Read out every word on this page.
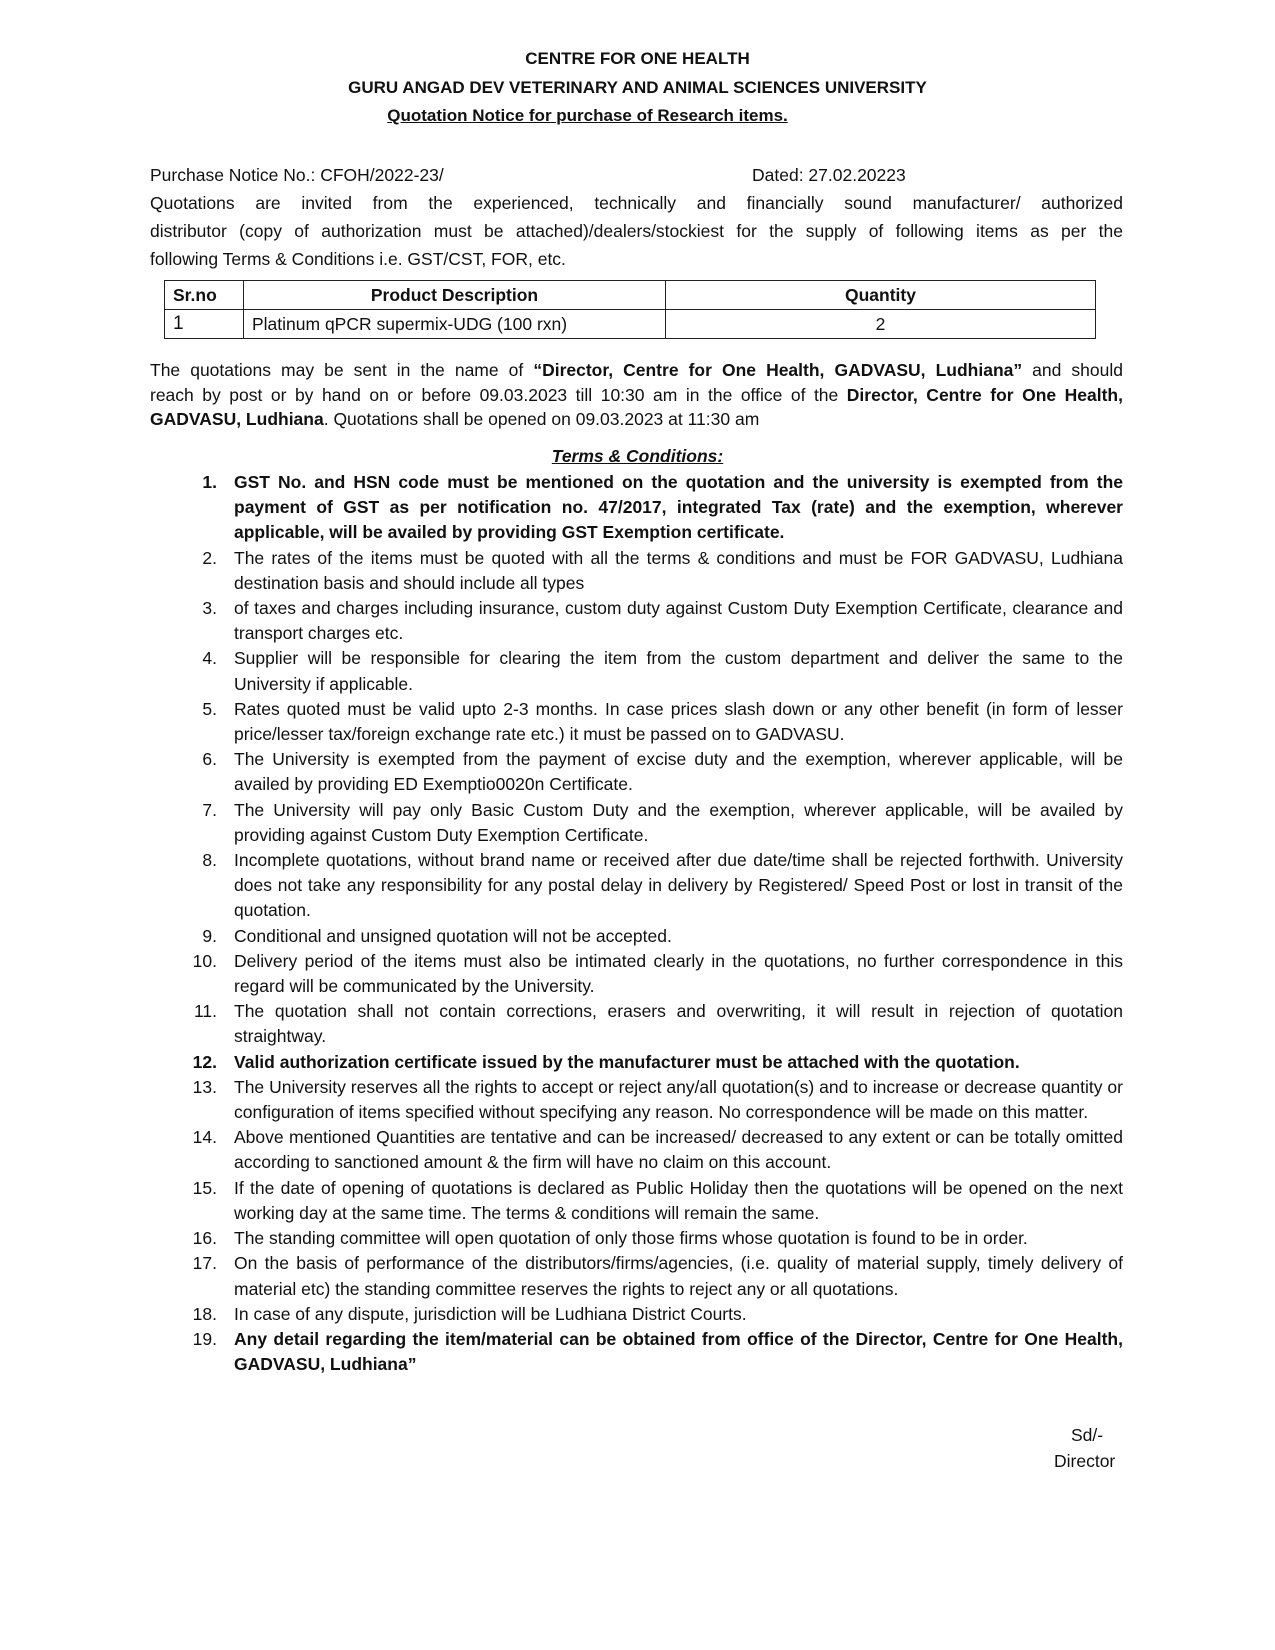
CENTRE FOR ONE HEALTH
GURU ANGAD DEV VETERINARY AND ANIMAL SCIENCES UNIVERSITY
Quotation Notice for purchase of Research items.
Purchase Notice No.: CFOH/2022-23/	Dated: 27.02.20223
Quotations are invited from the experienced, technically and financially sound manufacturer/ authorized
distributor (copy of authorization must be attached)/dealers/stockiest for the supply of following items as per the
following Terms & Conditions i.e. GST/CST, FOR, etc.
Sr.no	Product Description	Quantity
1	Platinum qPCR supermix-UDG (100 rxn)	2
The quotations may be sent in the name of “Director, Centre for One Health, GADVASU, Ludhiana” and should
reach by post or by hand on or before 09.03.2023 till 10:30 am in the office of the Director, Centre for One Health,
GADVASU, Ludhiana. Quotations shall be opened on 09.03.2023 at 11:30 am
Terms & Conditions:
1. GST No. and HSN code must be mentioned on the quotation and the university is exempted from the payment of GST as per notification no. 47/2017, integrated Tax (rate) and the exemption, wherever applicable, will be availed by providing GST Exemption certificate.
2. The rates of the items must be quoted with all the terms & conditions and must be FOR GADVASU, Ludhiana destination basis and should include all types
3. of taxes and charges including insurance, custom duty against Custom Duty Exemption Certificate, clearance and transport charges etc.
4. Supplier will be responsible for clearing the item from the custom department and deliver the same to the University if applicable.
5. Rates quoted must be valid upto 2-3 months. In case prices slash down or any other benefit (in form of lesser price/lesser tax/foreign exchange rate etc.) it must be passed on to GADVASU.
6. The University is exempted from the payment of excise duty and the exemption, wherever applicable, will be availed by providing ED Exemptio0020n Certificate.
7. The University will pay only Basic Custom Duty and the exemption, wherever applicable, will be availed by providing against Custom Duty Exemption Certificate.
8. Incomplete quotations, without brand name or received after due date/time shall be rejected forthwith. University does not take any responsibility for any postal delay in delivery by Registered/ Speed Post or lost in transit of the quotation.
9. Conditional and unsigned quotation will not be accepted.
10. Delivery period of the items must also be intimated clearly in the quotations, no further correspondence in this regard will be communicated by the University.
11. The quotation shall not contain corrections, erasers and overwriting, it will result in rejection of quotation straightway.
12. Valid authorization certificate issued by the manufacturer must be attached with the quotation.
13. The University reserves all the rights to accept or reject any/all quotation(s) and to increase or decrease quantity or configuration of items specified without specifying any reason. No correspondence will be made on this matter.
14. Above mentioned Quantities are tentative and can be increased/ decreased to any extent or can be totally omitted according to sanctioned amount & the firm will have no claim on this account.
15. If the date of opening of quotations is declared as Public Holiday then the quotations will be opened on the next working day at the same time. The terms & conditions will remain the same.
16. The standing committee will open quotation of only those firms whose quotation is found to be in order.
17. On the basis of performance of the distributors/firms/agencies, (i.e. quality of material supply, timely delivery of material etc) the standing committee reserves the rights to reject any or all quotations.
18. In case of any dispute, jurisdiction will be Ludhiana District Courts.
19. Any detail regarding the item/material can be obtained from office of the Director, Centre for One Health, GADVASU, Ludhiana”
Sd/-
Director
